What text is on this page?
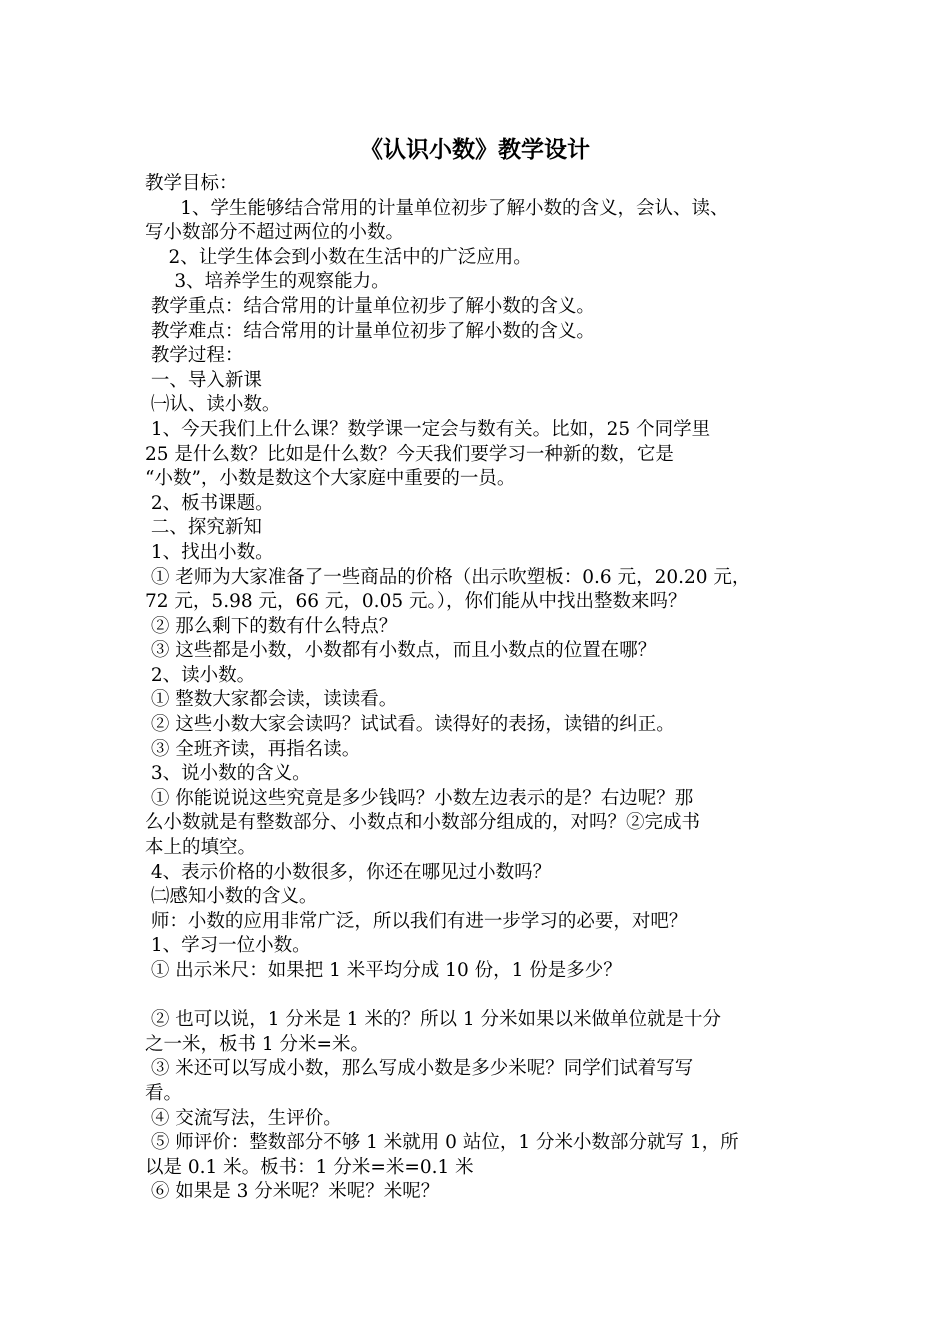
《认识小数》教学设计
教学目标：
1、学生能够结合常用的计量单位初步了解小数的含义，会认、读、
写小数部分不超过两位的小数。
2、让学生体会到小数在生活中的广泛应用。
3、培养学生的观察能力。
教学重点：结合常用的计量单位初步了解小数的含义。
教学难点：结合常用的计量单位初步了解小数的含义。
教学过程：
一、导入新课
㈠认、读小数。
1、今天我们上什么课？数学课一定会与数有关。比如，25 个同学里
25 是什么数？比如是什么数？今天我们要学习一种新的数，它是
“小数”，小数是数这个大家庭中重要的一员。
2、板书课题。
二、探究新知
1、找出小数。
① 老师为大家准备了一些商品的价格（出示吹塑板：0.6 元，20.20 元，
72 元，5.98 元，66 元，0.05 元。），你们能从中找出整数来吗？
② 那么剩下的数有什么特点？
③ 这些都是小数，小数都有小数点，而且小数点的位置在哪？
2、读小数。
① 整数大家都会读，读读看。
② 这些小数大家会读吗？试试看。读得好的表扬，读错的纠正。
③ 全班齐读，再指名读。
3、说小数的含义。
① 你能说说这些究竟是多少钱吗？小数左边表示的是？右边呢？那
么小数就是有整数部分、小数点和小数部分组成的，对吗？②完成书
本上的填空。
4、表示价格的小数很多，你还在哪见过小数吗？
㈡感知小数的含义。
师：小数的应用非常广泛，所以我们有进一步学习的必要，对吧？
1、学习一位小数。
① 出示米尺：如果把 1 米平均分成 10 份，1 份是多少？
② 也可以说，1 分米是 1 米的？所以 1 分米如果以米做单位就是十分
之一米，板书 1 分米=米。
③ 米还可以写成小数，那么写成小数是多少米呢？同学们试着写写
看。
④ 交流写法，生评价。
⑤ 师评价：整数部分不够 1 米就用 0 站位，1 分米小数部分就写 1，所
以是 0.1 米。板书：1 分米=米=0.1 米
⑥ 如果是 3 分米呢？米呢？米呢？
